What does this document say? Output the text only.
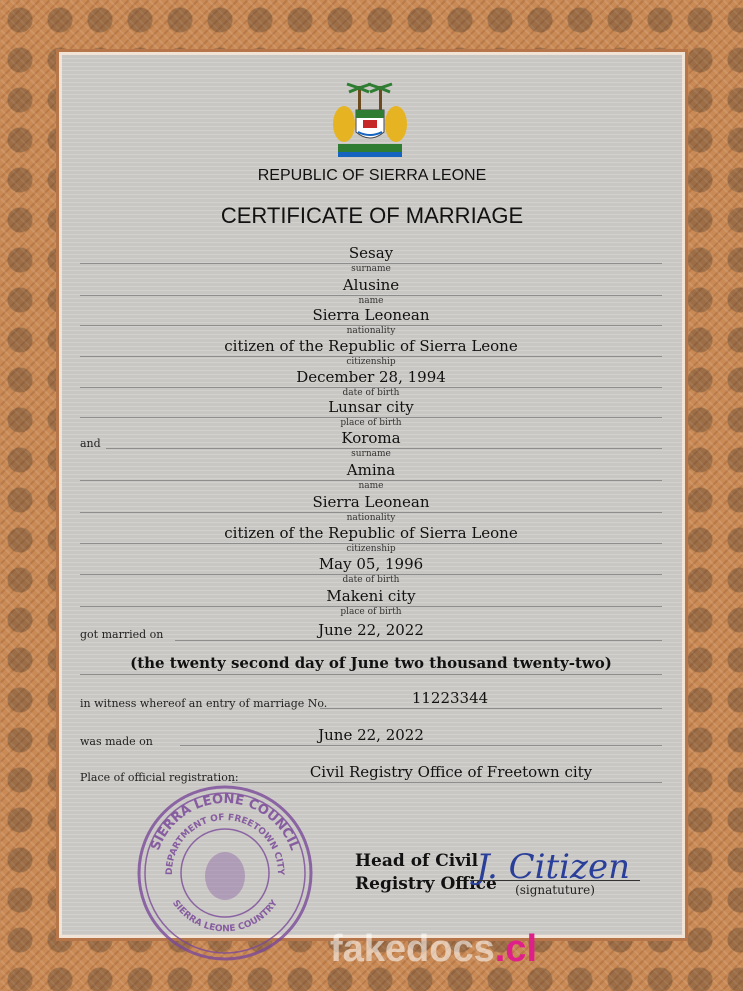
REPUBLIC OF SIERRA LEONE
CERTIFICATE OF MARRIAGE
Sesay
surname
Alusine
name
Sierra Leonean
nationality
citizen of the Republic of Sierra Leone
citizenship
December 28, 1994
date of birth
Lunsar city
place of birth
and	Koroma
surname
Amina
name
Sierra Leonean
nationality
citizen of the Republic of Sierra Leone
citizenship
May 05, 1996
date of birth
Makeni city
place of birth
got married on	June 22, 2022
(the twenty second day of June two thousand twenty-two)
in witness whereof an entry of marriage No.	11223344
was made on	June 22, 2022
Place of official registration:	Civil Registry Office of Freetown city
SIERRA LEONE COUNCIL
DEPARTMENT OF FREETOWN CITY
SIERRA LEONE COUNTRY
Head of Civil
Registry Office
J. Citizen
(signatuture)
fakedocs.cl
